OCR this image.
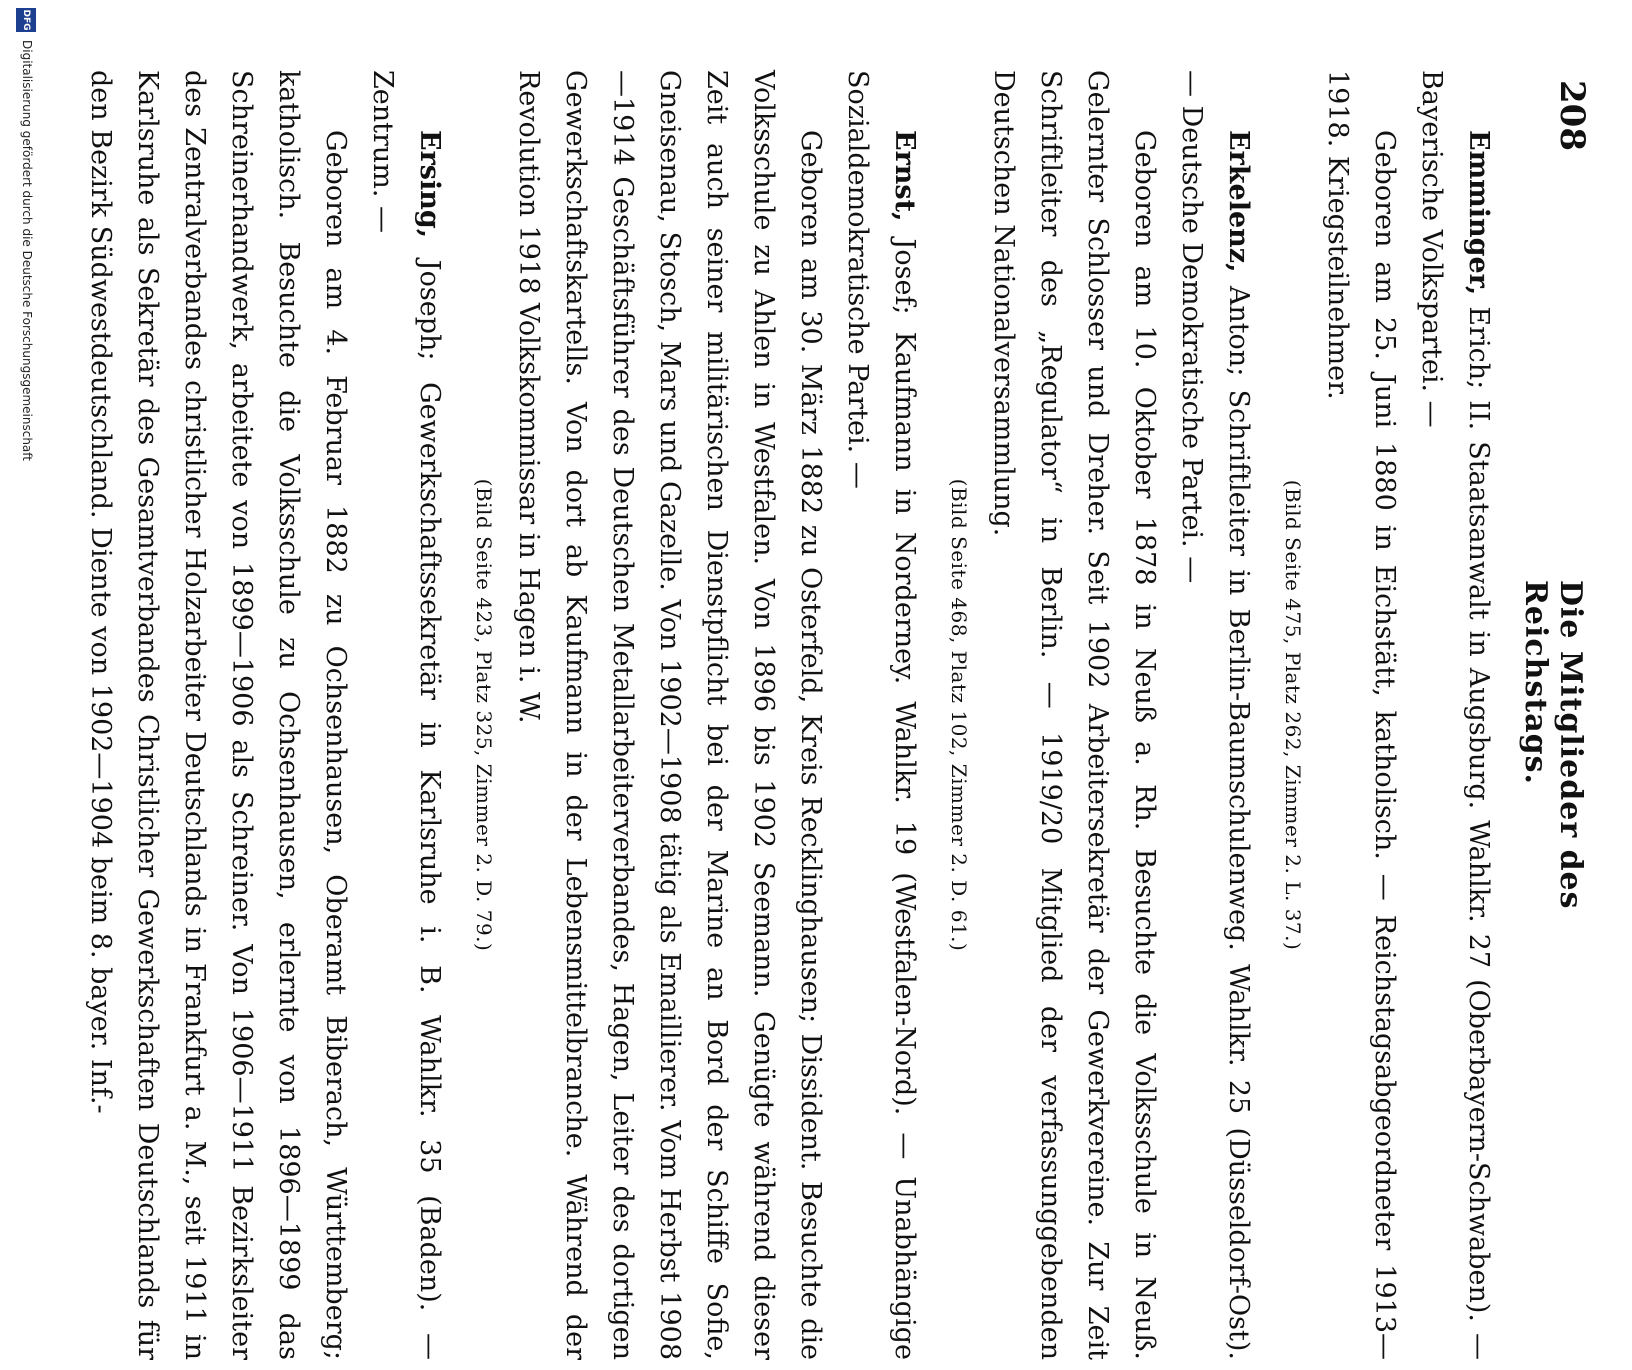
208
Die Mitglieder des Reichstags.

Emminger, Erich; II. Staatsanwalt in Augsburg. Wahlkr. 27 (Oberbayern-Schwaben). — Bayerische Volkspartei. —

Geboren am 25. Juni 1880 in Eichstätt, katholisch. — Reichstagsabgeordneter 1913—1918. Kriegsteilnehmer.

(Bild Seite 475, Platz 262, Zimmer 2. L. 37.)

Erkelenz, Anton; Schriftleiter in Berlin-Baumschulenweg. Wahlkr. 25 (Düsseldorf-Ost). — Deutsche Demokratische Partei. —

Geboren am 10. Oktober 1878 in Neuß a. Rh. Besuchte die Volksschule in Neuß. Gelernter Schlosser und Dreher. Seit 1902 Arbeitersekretär der Gewerkvereine. Zur Zeit Schriftleiter des „Regulator“ in Berlin. — 1919/20 Mitglied der verfassunggebenden Deutschen Nationalversammlung.

(Bild Seite 468, Platz 102, Zimmer 2. D. 61.)

Ernst, Josef; Kaufmann in Norderney. Wahlkr. 19 (Westfalen-Nord). — Unabhängige Sozialdemokratische Partei. —

Geboren am 30. März 1882 zu Osterfeld, Kreis Recklinghausen; Dissident. Besuchte die Volksschule zu Ahlen in Westfalen. Von 1896 bis 1902 Seemann. Genügte während dieser Zeit auch seiner militärischen Dienstpflicht bei der Marine an Bord der Schiffe Sofie, Gneisenau, Stosch, Mars und Gazelle. Von 1902—1908 tätig als Emaillierer. Vom Herbst 1908—1914 Geschäftsführer des Deutschen Metallarbeiterverbandes, Hagen, Leiter des dortigen Gewerkschaftskartells. Von dort ab Kaufmann in der Lebensmittelbranche. Während der Revolution 1918 Volkskommissar in Hagen i. W.

(Bild Seite 423, Platz 325, Zimmer 2. D. 79.)

Ersing, Joseph; Gewerkschaftssekretär in Karlsruhe i. B. Wahlkr. 35 (Baden). — Zentrum. —

Geboren am 4. Februar 1882 zu Ochsenhausen, Oberamt Biberach, Württemberg; katholisch. Besuchte die Volksschule zu Ochsenhausen, erlernte von 1896—1899 das Schreinerhandwerk, arbeitete von 1899—1906 als Schreiner. Von 1906—1911 Bezirksleiter des Zentralverbandes christlicher Holzarbeiter Deutschlands in Frankfurt a. M., seit 1911 in Karlsruhe als Sekretär des Gesamtverbandes Christlicher Gewerkschaften Deutschlands für den Bezirk Südwestdeutschland. Diente von 1902—1904 beim 8. bayer. Inf.-

DFG
Digitalisierung gefördert durch die Deutsche Forschungsgemeinschaft
